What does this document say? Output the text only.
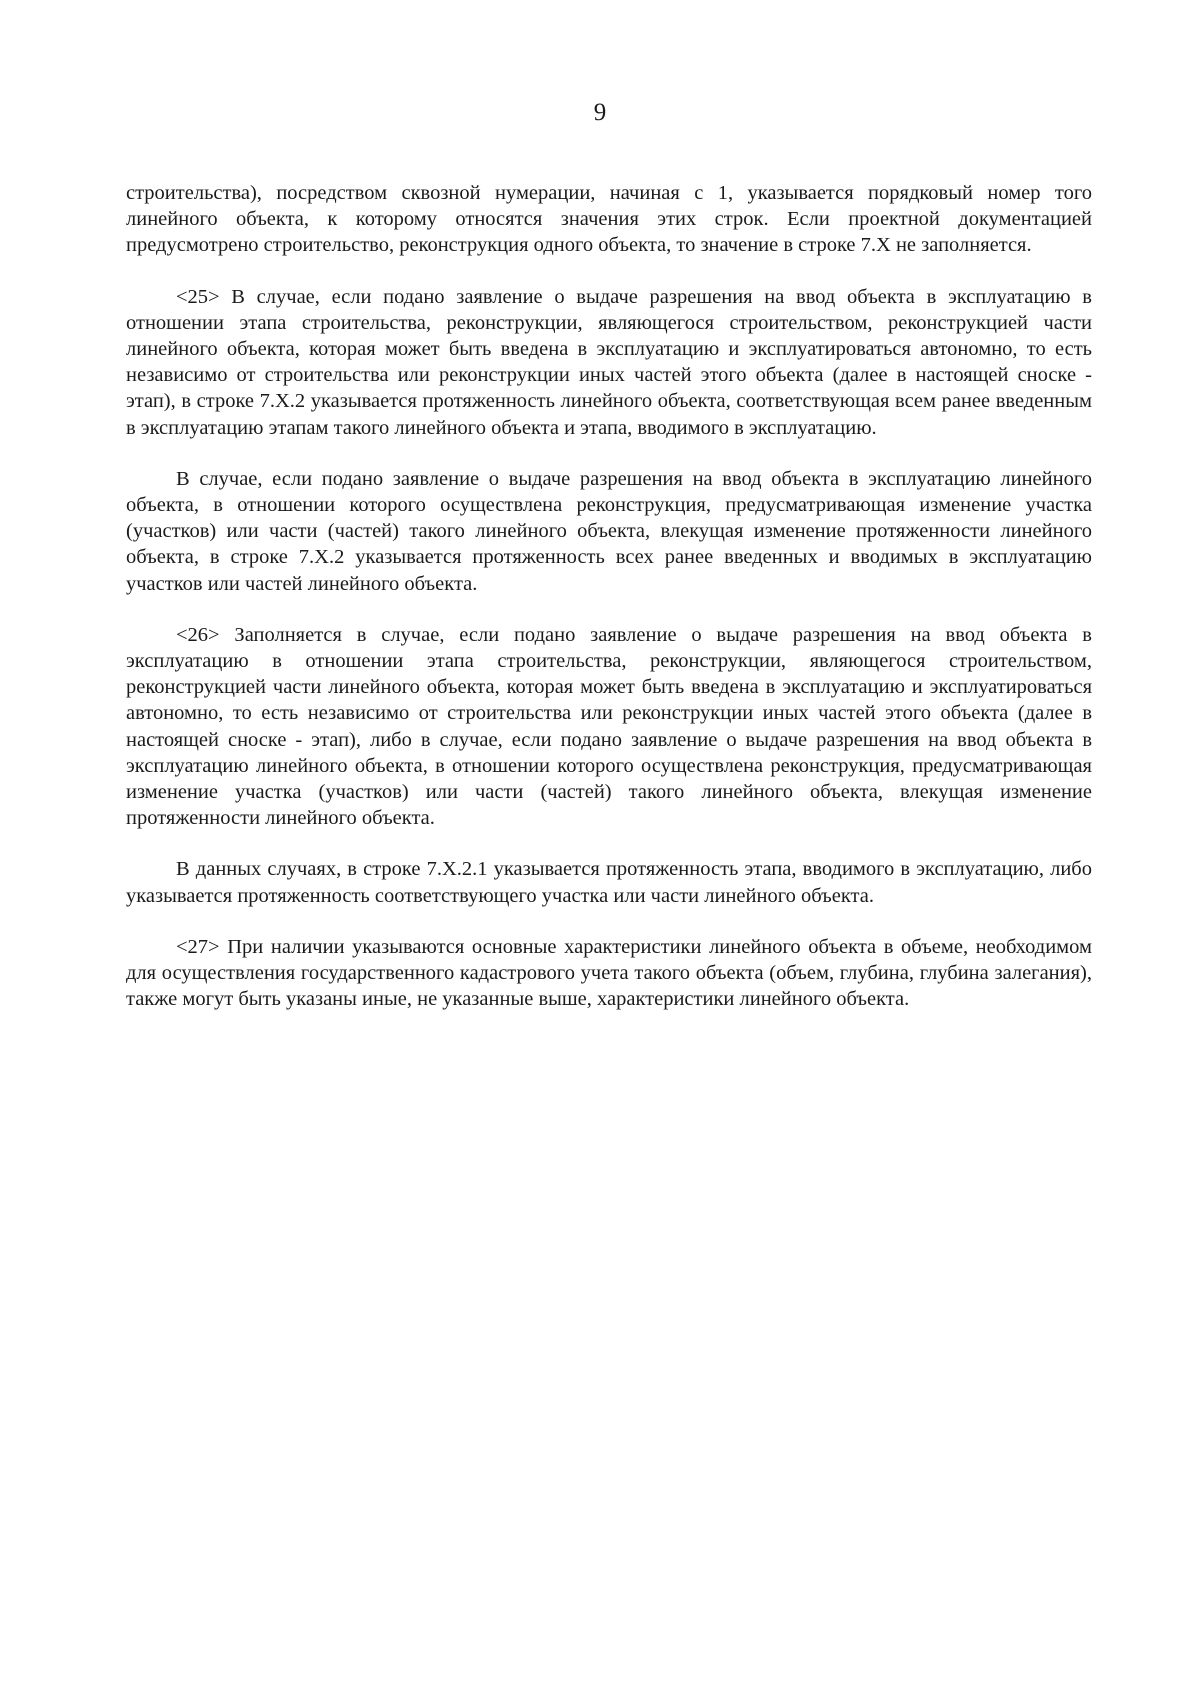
9

строительства), посредством сквозной нумерации, начиная с 1, указывается порядковый номер того линейного объекта, к которому относятся значения этих строк. Если проектной документацией предусмотрено строительство, реконструкция одного объекта, то значение в строке 7.X не заполняется.

<25> В случае, если подано заявление о выдаче разрешения на ввод объекта в эксплуатацию в отношении этапа строительства, реконструкции, являющегося строительством, реконструкцией части линейного объекта, которая может быть введена в эксплуатацию и эксплуатироваться автономно, то есть независимо от строительства или реконструкции иных частей этого объекта (далее в настоящей сноске - этап), в строке 7.X.2 указывается протяженность линейного объекта, соответствующая всем ранее введенным в эксплуатацию этапам такого линейного объекта и этапа, вводимого в эксплуатацию.

В случае, если подано заявление о выдаче разрешения на ввод объекта в эксплуатацию линейного объекта, в отношении которого осуществлена реконструкция, предусматривающая изменение участка (участков) или части (частей) такого линейного объекта, влекущая изменение протяженности линейного объекта, в строке 7.X.2 указывается протяженность всех ранее введенных и вводимых в эксплуатацию участков или частей линейного объекта.

<26> Заполняется в случае, если подано заявление о выдаче разрешения на ввод объекта в эксплуатацию в отношении этапа строительства, реконструкции, являющегося строительством, реконструкцией части линейного объекта, которая может быть введена в эксплуатацию и эксплуатироваться автономно, то есть независимо от строительства или реконструкции иных частей этого объекта (далее в настоящей сноске - этап), либо в случае, если подано заявление о выдаче разрешения на ввод объекта в эксплуатацию линейного объекта, в отношении которого осуществлена реконструкция, предусматривающая изменение участка (участков) или части (частей) такого линейного объекта, влекущая изменение протяженности линейного объекта.

В данных случаях, в строке 7.X.2.1 указывается протяженность этапа, вводимого в эксплуатацию, либо указывается протяженность соответствующего участка или части линейного объекта.

<27> При наличии указываются основные характеристики линейного объекта в объеме, необходимом для осуществления государственного кадастрового учета такого объекта (объем, глубина, глубина залегания), также могут быть указаны иные, не указанные выше, характеристики линейного объекта.
